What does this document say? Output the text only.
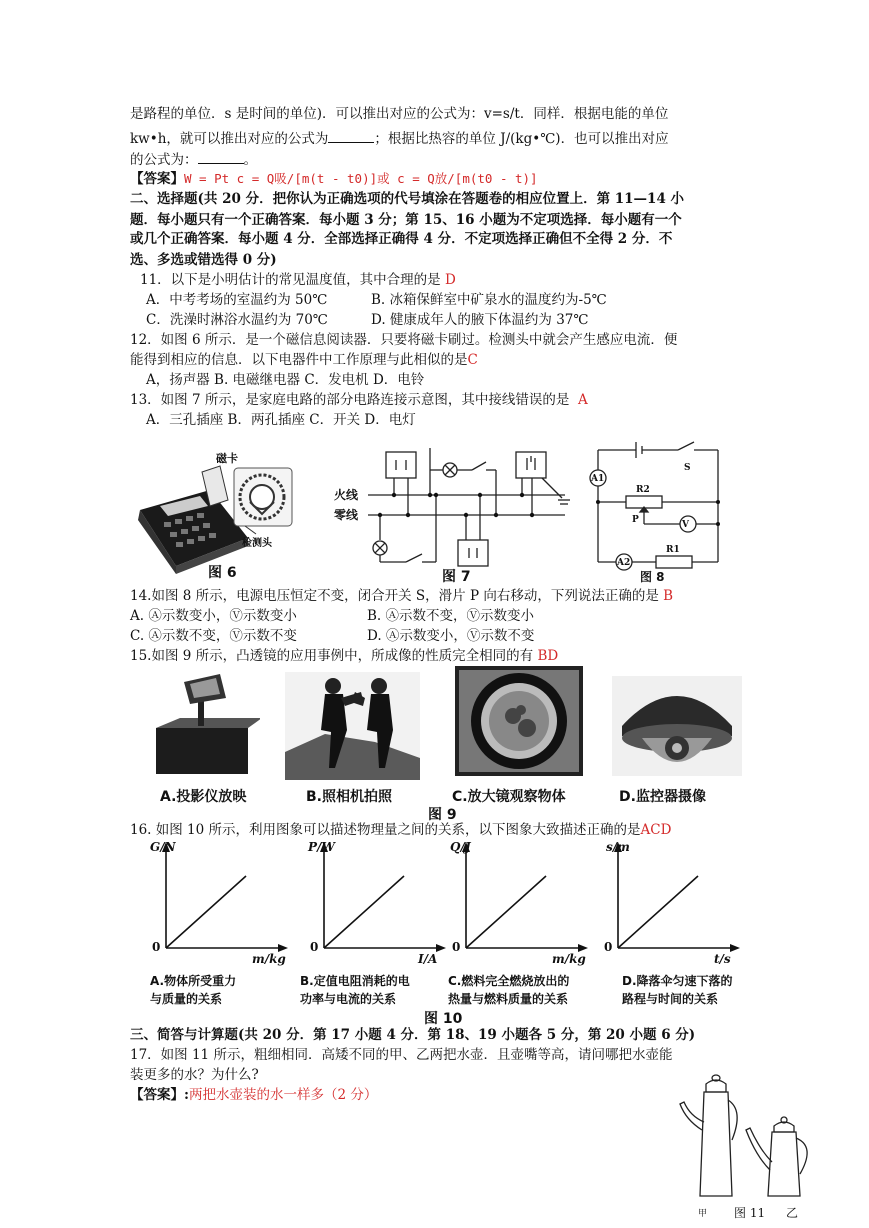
是路程的单位．s 是时间的单位)．可以推出对应的公式为：v=s/t．同样．根据电能的单位
kw•h，就可以推出对应的公式为	；根据比热容的单位 J/(kg•℃)．也可以推出对应
的公式为：	。
【答案】W = Pt c = Q吸/[m(t - t0)]或 c = Q放/[m(t0 - t)]
二、选择题(共 20 分．把你认为正确选项的代号填涂在答题卷的相应位置上．第 11—14 小
题．每小题只有一个正确答案．每小题 3 分；第 15、16 小题为不定项选择．每小题有一个
或几个正确答案．每小题 4 分．全部选择正确得 4 分．不定项选择正确但不全得 2 分．不
选、多选或错选得 0 分)
11．以下是小明估计的常见温度值，其中合理的是 D
A．中考考场的室温约为 50℃	B. 冰箱保鲜室中矿泉水的温度约为-5℃
C．洗澡时淋浴水温约为 70℃	D. 健康成年人的腋下体温约为 37℃
12．如图 6 所示．是一个磁信息阅读器．只要将磁卡刷过。检测头中就会产生感应电流．便
能得到相应的信息．以下电器件中工作原理与此相似的是C
A，扬声器 B. 电磁继电器 C．发电机 D．电铃
13．如图 7 所示，是家庭电路的部分电路连接示意图，其中接线错误的是 A
A．三孔插座 B．两孔插座 C．开关 D．电灯
磁卡
检测头
图 6
火线
零线
图 7
A1
A2
V
R2
R1
P
S
图 8
14.如图 8 所示，电源电压恒定不变，闭合开关 S，滑片 P 向右移动，下列说法正确的是 B
A. Ⓐ示数变小，Ⓥ示数变小	B. Ⓐ示数不变，Ⓥ示数变小
C. Ⓐ示数不变，Ⓥ示数不变	D. Ⓐ示数变小，Ⓥ示数不变
15.如图 9 所示，凸透镜的应用事例中，所成像的性质完全相同的有 BD
A.投影仪放映	B.照相机拍照	C.放大镜观察物体	D.监控器摄像
图 9
16. 如图 10 所示，利用图象可以描述物理量之间的关系，以下图象大致描述正确的是ACD
G/N
m/kg
0
P/W
I/A
0
Q/J
m/kg
0
s/m
t/s
0
A.物体所受重力
与质量的关系
B.定值电阻消耗的电
功率与电流的关系
C.燃料完全燃烧放出的
热量与燃料质量的关系
D.降落伞匀速下落的
路程与时间的关系
图 10
三、简答与计算题(共 20 分．第 17 小题 4 分．第 18、19 小题各 5 分，第 20 小题 6 分)
17．如图 11 所示，粗细相同．高矮不同的甲、乙两把水壶．且壶嘴等高，请问哪把水壶能
装更多的水？为什么?
【答案】:两把水壶装的水一样多（2 分）
甲 图 11 乙
